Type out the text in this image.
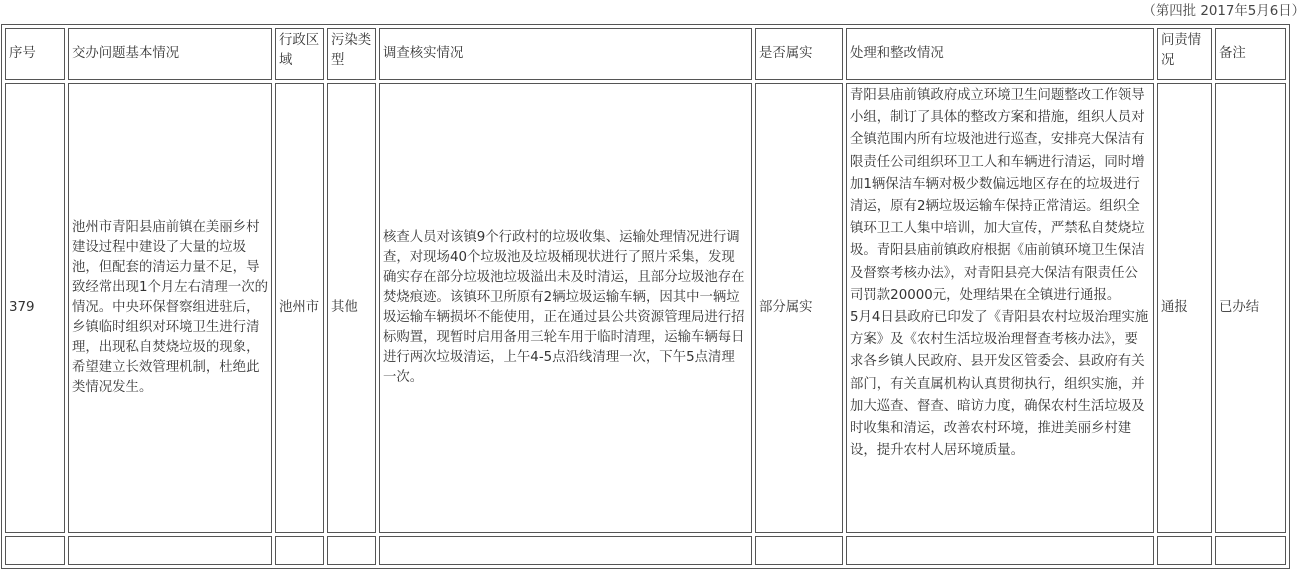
（第四批 2017年5月6日）
序号	交办问题基本情况	行政区域	污染类型	调查核实情况	是否属实	处理和整改情况	问责情况	备注
379	池州市青阳县庙前镇在美丽乡村建设过程中建设了大量的垃圾池，但配套的清运力量不足，导致经常出现1个月左右清理一次的情况。中央环保督察组进驻后，乡镇临时组织对环境卫生进行清理，出现私自焚烧垃圾的现象，希望建立长效管理机制，杜绝此类情况发生。	池州市	其他	核查人员对该镇9个行政村的垃圾收集、运输处理情况进行调查，对现场40个垃圾池及垃圾桶现状进行了照片采集，发现确实存在部分垃圾池垃圾溢出未及时清运，且部分垃圾池存在焚烧痕迹。该镇环卫所原有2辆垃圾运输车辆，因其中一辆垃圾运输车辆损坏不能使用，正在通过县公共资源管理局进行招标购置，现暂时启用备用三轮车用于临时清理，运输车辆每日进行两次垃圾清运，上午4-5点沿线清理一次，下午5点清理一次。	部分属实	青阳县庙前镇政府成立环境卫生问题整改工作领导小组，制订了具体的整改方案和措施，组织人员对全镇范围内所有垃圾池进行巡查，安排亮大保洁有限责任公司组织环卫工人和车辆进行清运，同时增加1辆保洁车辆对极少数偏远地区存在的垃圾进行清运，原有2辆垃圾运输车保持正常清运。组织全镇环卫工人集中培训，加大宣传，严禁私自焚烧垃圾。青阳县庙前镇政府根据《庙前镇环境卫生保洁及督察考核办法》，对青阳县亮大保洁有限责任公司罚款20000元，处理结果在全镇进行通报。
5月4日县政府已印发了《青阳县农村垃圾治理实施方案》及《农村生活垃圾治理督查考核办法》，要求各乡镇人民政府、县开发区管委会、县政府有关部门，有关直属机构认真贯彻执行，组织实施，并加大巡查、督查、暗访力度，确保农村生活垃圾及时收集和清运，改善农村环境，推进美丽乡村建设，提升农村人居环境质量。	通报	已办结
